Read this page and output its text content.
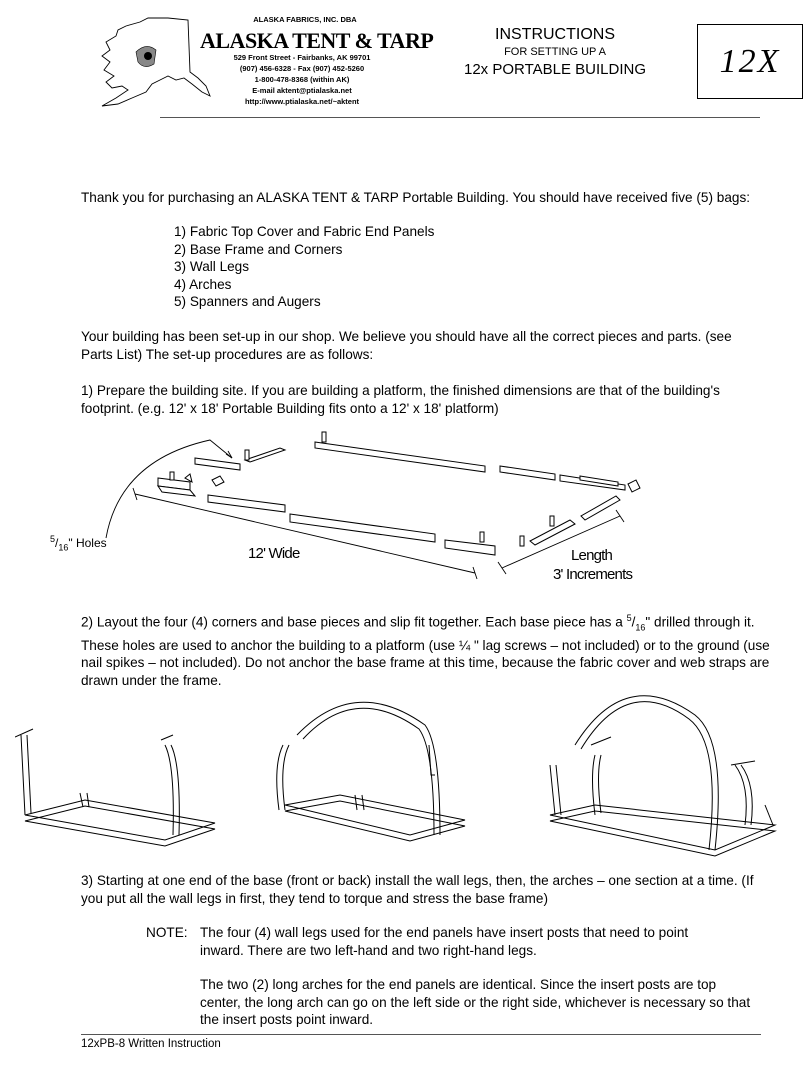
ALASKA FABRICS, INC. DBA
ALASKA TENT & TARP
529 Front Street - Fairbanks, AK 99701
(907) 456-6328 - Fax (907) 452-5260
1-800-478-8368 (within AK)
E-mail aktent@ptialaska.net
http://www.ptialaska.net/~aktent
INSTRUCTIONS
FOR SETTING UP A
12x PORTABLE BUILDING	12X
Thank you for purchasing an ALASKA TENT & TARP Portable Building. You should have received five (5) bags:
1) Fabric Top Cover and Fabric End Panels
2) Base Frame and Corners
3) Wall Legs
4) Arches
5) Spanners and Augers
Your building has been set-up in our shop. We believe you should have all the correct pieces and parts. (see Parts List) The set-up procedures are as follows:
1) Prepare the building site. If you are building a platform, the finished dimensions are that of the building's footprint. (e.g. 12' x 18' Portable Building fits onto a 12' x 18' platform)
$^5/_{16}$" Holes
12' Wide	Length
3' Increments
2) Layout the four (4) corners and base pieces and slip fit together. Each base piece has a $^5/_{16}$" drilled through it. These holes are used to anchor the building to a platform (use ¼ " lag screws – not included) or to the ground (use nail spikes – not included). Do not anchor the base frame at this time, because the fabric cover and web straps are drawn under the frame.
3) Starting at one end of the base (front or back) install the wall legs, then, the arches – one section at a time. (If you put all the wall legs in first, they tend to torque and stress the base frame)
NOTE: The four (4) wall legs used for the end panels have insert posts that need to point
inward. There are two left-hand and two right-hand legs.
The two (2) long arches for the end panels are identical. Since the insert posts are top center, the long arch can go on the left side or the right side, whichever is necessary so that the insert posts point inward.
12xPB-8 Written Instruction
